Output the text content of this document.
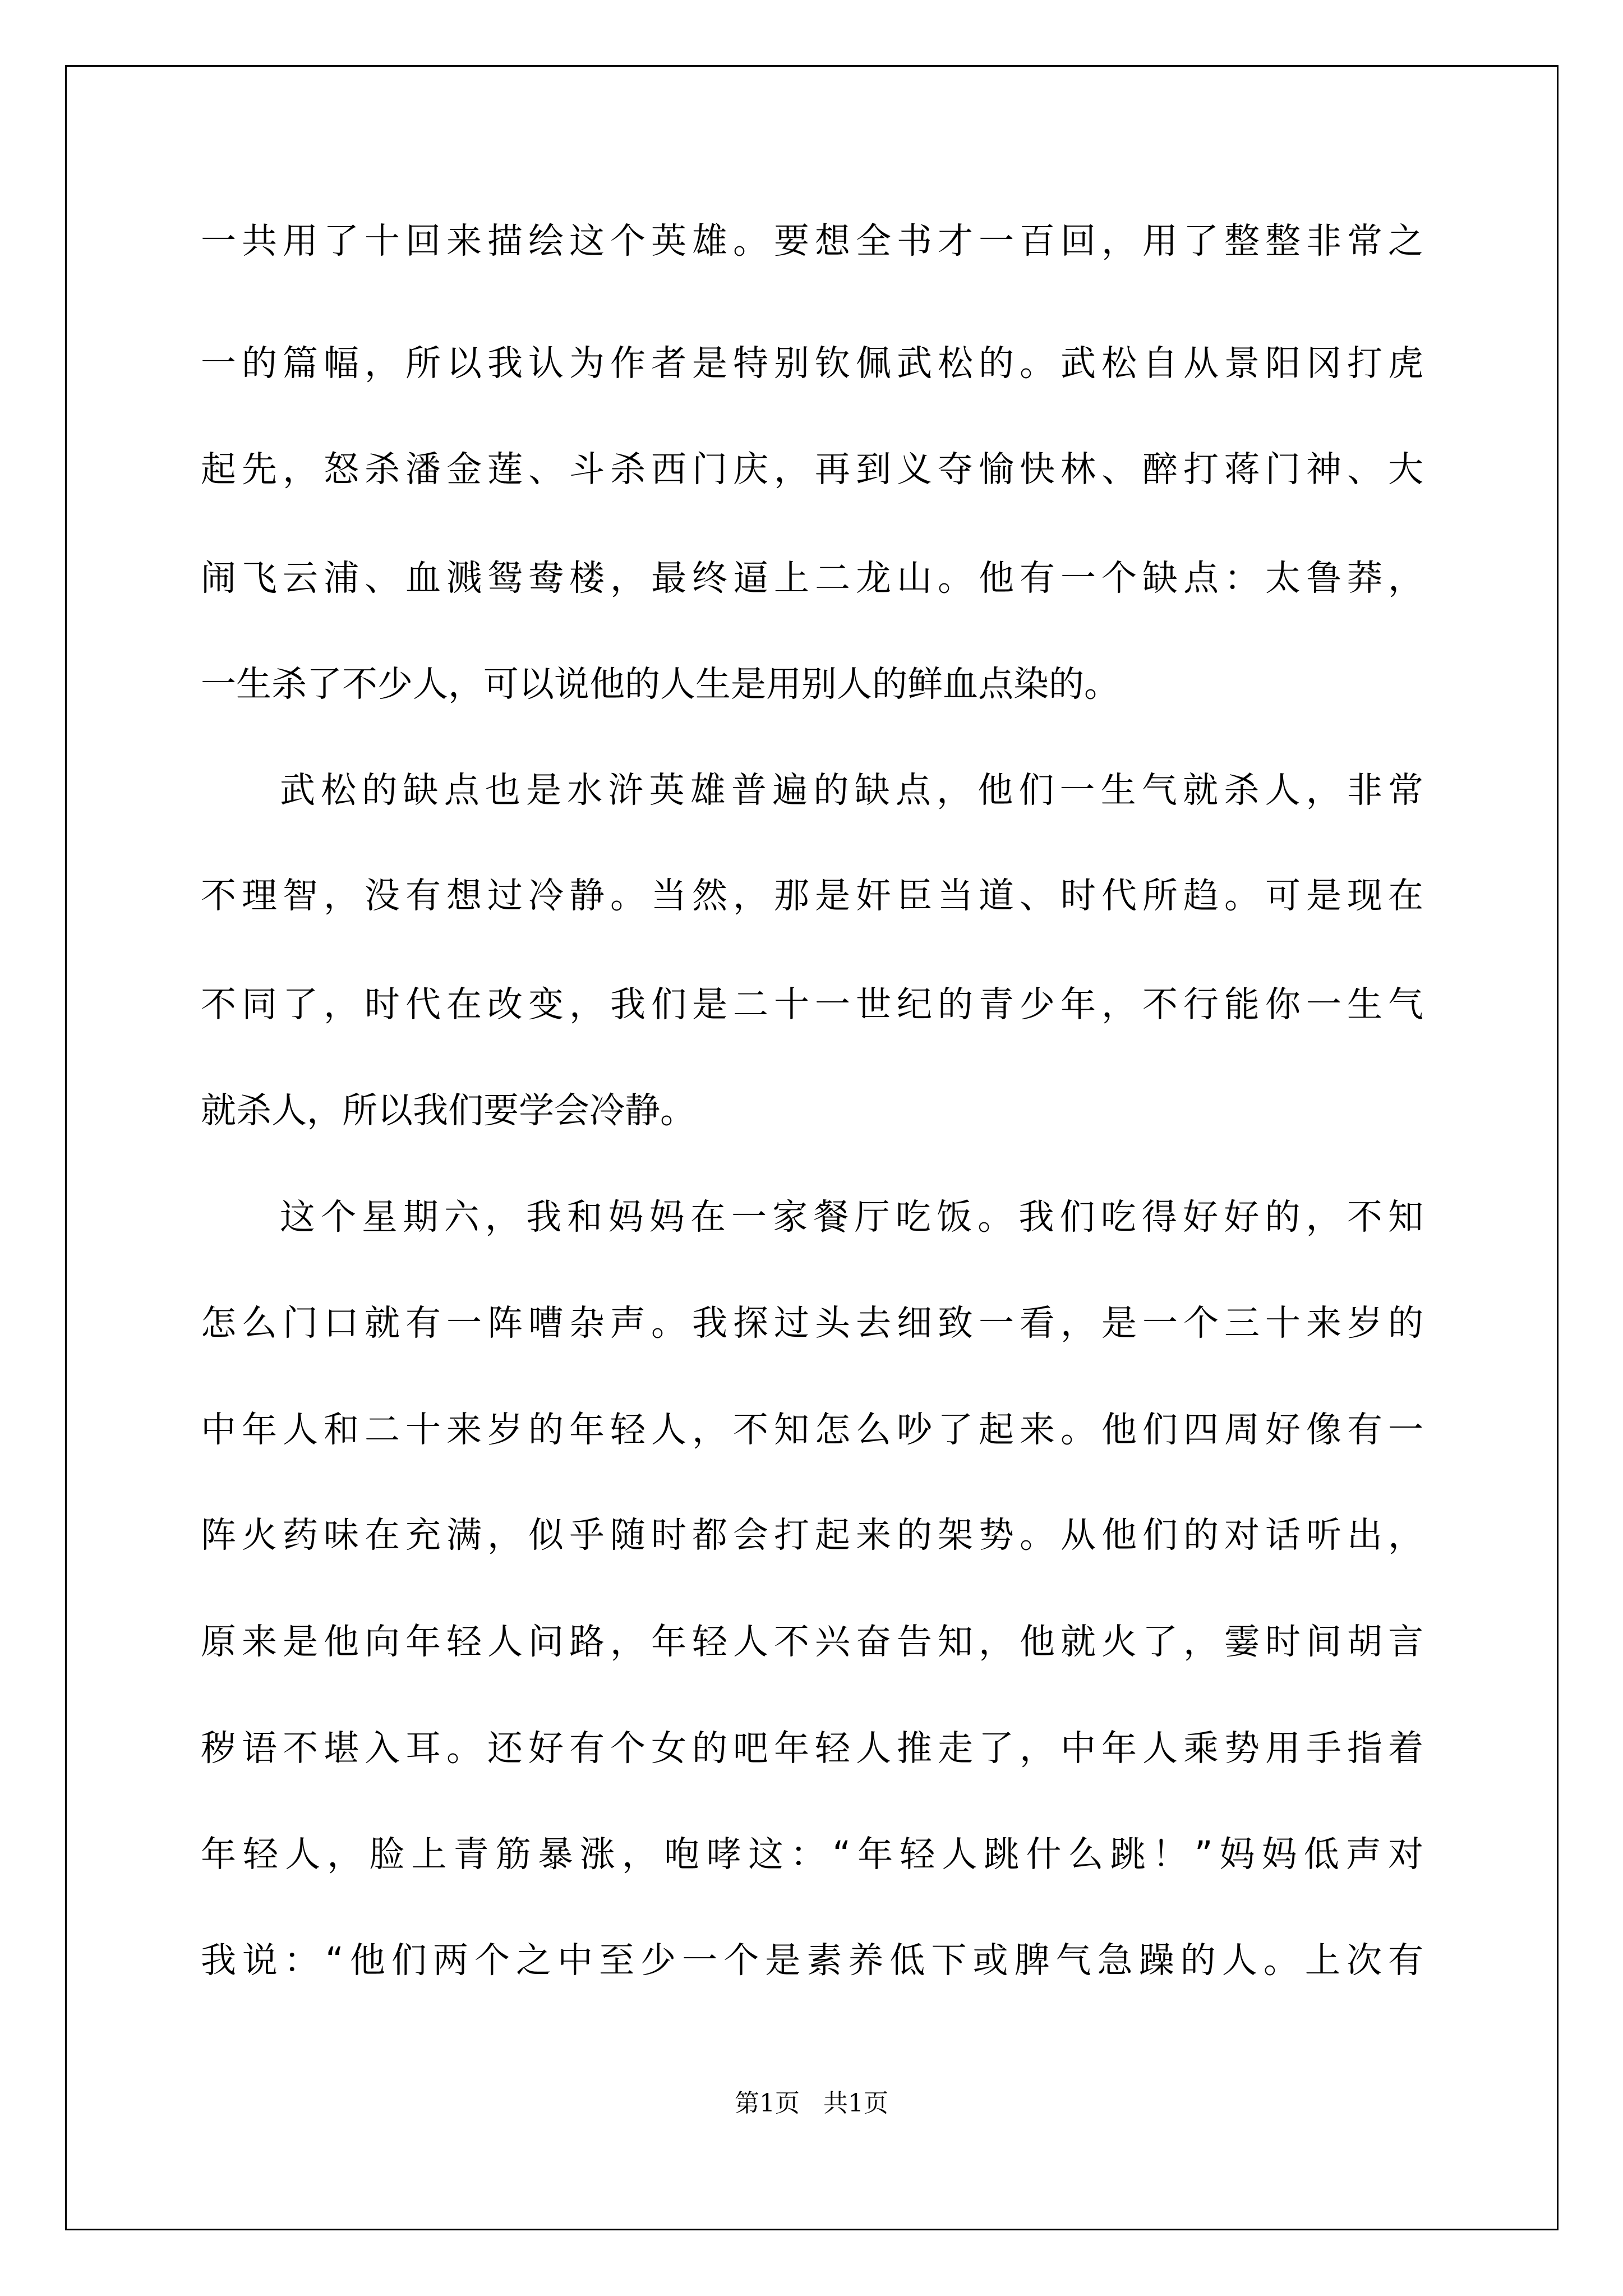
一共用了十回来描绘这个英雄。要想全书才一百回，用了整整非常之

一的篇幅，所以我认为作者是特别钦佩武松的。武松自从景阳冈打虎

起先，怒杀潘金莲、斗杀西门庆，再到义夺愉快林、醉打蒋门神、大

闹飞云浦、血溅鸳鸯楼，最终逼上二龙山。他有一个缺点：太鲁莽，

一生杀了不少人，可以说他的人生是用别人的鲜血点染的。

武松的缺点也是水浒英雄普遍的缺点，他们一生气就杀人，非常

不理智，没有想过冷静。当然，那是奸臣当道、时代所趋。可是现在

不同了，时代在改变，我们是二十一世纪的青少年，不行能你一生气

就杀人，所以我们要学会冷静。

这个星期六，我和妈妈在一家餐厅吃饭。我们吃得好好的，不知

怎么门口就有一阵嘈杂声。我探过头去细致一看，是一个三十来岁的

中年人和二十来岁的年轻人，不知怎么吵了起来。他们四周好像有一

阵火药味在充满，似乎随时都会打起来的架势。从他们的对话听出，

原来是他向年轻人问路，年轻人不兴奋告知，他就火了，霎时间胡言

秽语不堪入耳。还好有个女的吧年轻人推走了，中年人乘势用手指着

年轻人，脸上青筋暴涨，咆哮这：“年轻人跳什么跳！”妈妈低声对

我说：“他们两个之中至少一个是素养低下或脾气急躁的人。上次有

第1页   共1页
